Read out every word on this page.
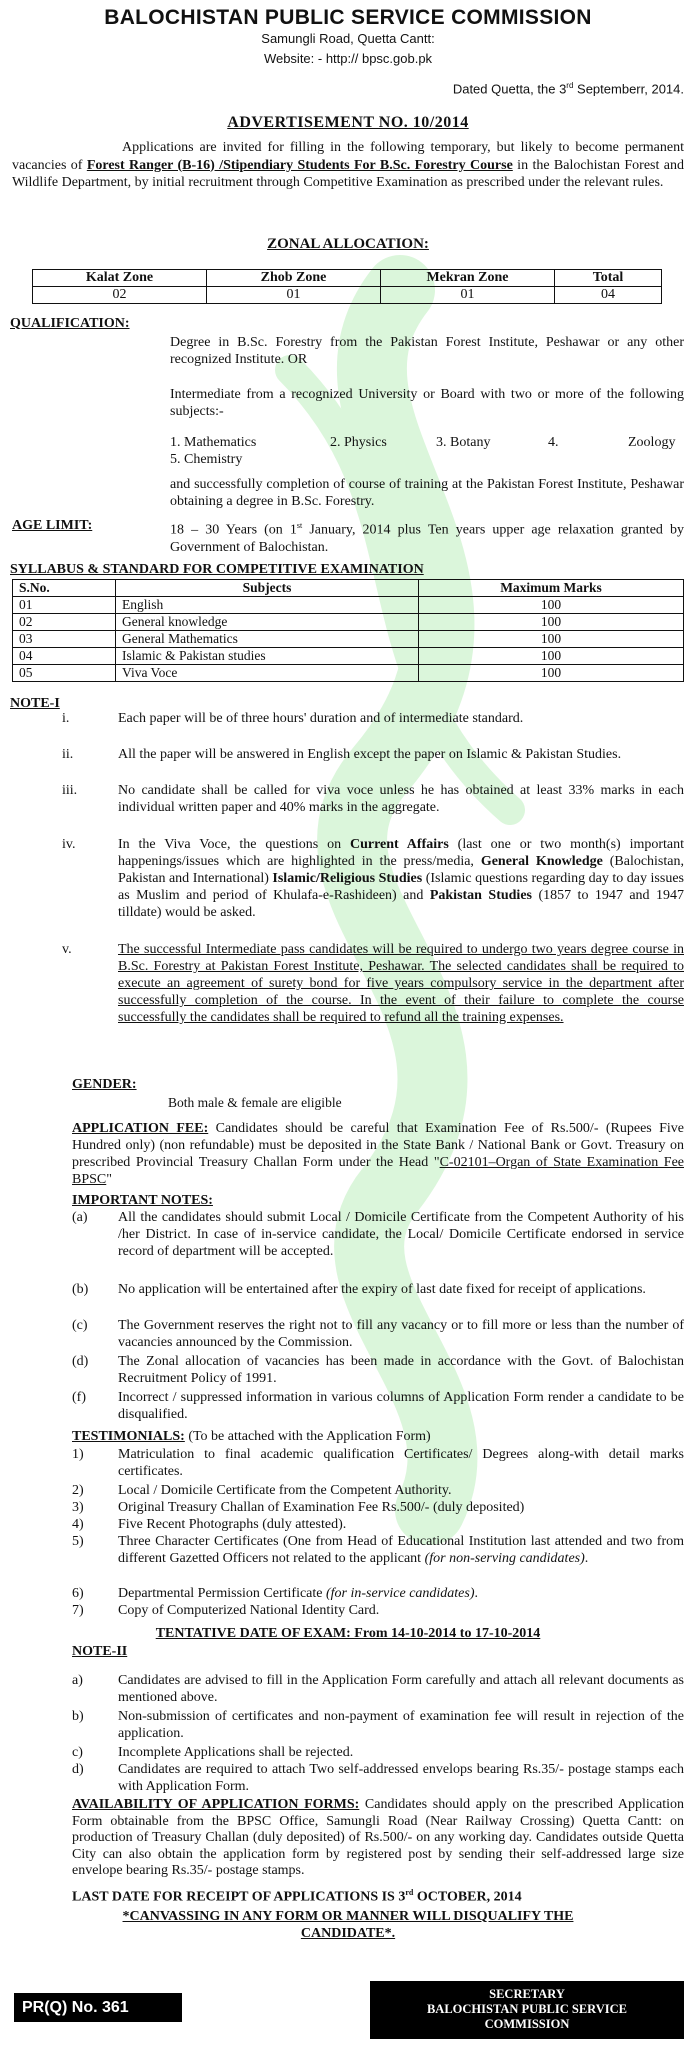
BALOCHISTAN PUBLIC SERVICE COMMISSION
Samungli Road, Quetta Cantt:
Website: - http:// bpsc.gob.pk
Dated Quetta, the 3rd Septemberr, 2014.
ADVERTISEMENT NO. 10/2014
Applications are invited for filling in the following temporary, but likely to become permanent vacancies of Forest Ranger (B-16) /Stipendiary Students For B.Sc. Forestry Course in the Balochistan Forest and Wildlife Department, by initial recruitment through Competitive Examination as prescribed under the relevant rules.
ZONAL ALLOCATION:
Kalat Zone	Zhob Zone	Mekran Zone	Total
02	01	01	04
QUALIFICATION:
Degree in B.Sc. Forestry from the Pakistan Forest Institute, Peshawar or any other recognized Institute. OR
Intermediate from a recognized University or Board with two or more of the following subjects:-
1. Mathematics	2. Physics	3. Botany	4.	Zoology
5. Chemistry
and successfully completion of course of training at the Pakistan Forest Institute, Peshawar obtaining a degree in B.Sc. Forestry.
AGE LIMIT:	18 – 30 Years (on 1st January, 2014 plus Ten years upper age relaxation granted by Government of Balochistan.
SYLLABUS & STANDARD FOR COMPETITIVE EXAMINATION
S.No.	Subjects	Maximum Marks
01	English	100
02	General knowledge	100
03	General Mathematics	100
04	Islamic & Pakistan studies	100
05	Viva Voce	100
NOTE-I
i.	Each paper will be of three hours' duration and of intermediate standard.
ii.	All the paper will be answered in English except the paper on Islamic & Pakistan Studies.
iii.	No candidate shall be called for viva voce unless he has obtained at least 33% marks in each individual written paper and 40% marks in the aggregate.
iv.	In the Viva Voce, the questions on Current Affairs (last one or two month(s) important happenings/issues which are highlighted in the press/media, General Knowledge (Balochistan, Pakistan and International) Islamic/Religious Studies (Islamic questions regarding day to day issues as Muslim and period of Khulafa-e-Rashideen) and Pakistan Studies (1857 to 1947 and 1947 tilldate) would be asked.
v.	The successful Intermediate pass candidates will be required to undergo two years degree course in B.Sc. Forestry at Pakistan Forest Institute, Peshawar. The selected candidates shall be required to execute an agreement of surety bond for five years compulsory service in the department after successfully completion of the course. In the event of their failure to complete the course successfully the candidates shall be required to refund all the training expenses.
GENDER:
Both male & female are eligible
APPLICATION FEE: Candidates should be careful that Examination Fee of Rs.500/- (Rupees Five Hundred only) (non refundable) must be deposited in the State Bank / National Bank or Govt. Treasury on prescribed Provincial Treasury Challan Form under the Head "C-02101–Organ of State Examination Fee BPSC"
IMPORTANT NOTES:
(a)	All the candidates should submit Local / Domicile Certificate from the Competent Authority of his /her District. In case of in-service candidate, the Local/ Domicile Certificate endorsed in service record of department will be accepted.
(b)	No application will be entertained after the expiry of last date fixed for receipt of applications.
(c)	The Government reserves the right not to fill any vacancy or to fill more or less than the number of vacancies announced by the Commission.
(d)	The Zonal allocation of vacancies has been made in accordance with the Govt. of Balochistan Recruitment Policy of 1991.
(f)	Incorrect / suppressed information in various columns of Application Form render a candidate to be disqualified.
TESTIMONIALS: (To be attached with the Application Form)
1)	Matriculation to final academic qualification Certificates/ Degrees along-with detail marks certificates.
2)	Local / Domicile Certificate from the Competent Authority.
3)	Original Treasury Challan of Examination Fee Rs.500/- (duly deposited)
4)	Five Recent Photographs (duly attested).
5)	Three Character Certificates (One from Head of Educational Institution last attended and two from different Gazetted Officers not related to the applicant (for non-serving candidates).
6)	Departmental Permission Certificate (for in-service candidates).
7)	Copy of Computerized National Identity Card.
TENTATIVE DATE OF EXAM: From 14-10-2014 to 17-10-2014
NOTE-II
a)	Candidates are advised to fill in the Application Form carefully and attach all relevant documents as mentioned above.
b)	Non-submission of certificates and non-payment of examination fee will result in rejection of the application.
c)	Incomplete Applications shall be rejected.
d)	Candidates are required to attach Two self-addressed envelops bearing Rs.35/- postage stamps each with Application Form.
AVAILABILITY OF APPLICATION FORMS: Candidates should apply on the prescribed Application Form obtainable from the BPSC Office, Samungli Road (Near Railway Crossing) Quetta Cantt: on production of Treasury Challan (duly deposited) of Rs.500/- on any working day. Candidates outside Quetta City can also obtain the application form by registered post by sending their self-addressed large size envelope bearing Rs.35/- postage stamps.
LAST DATE FOR RECEIPT OF APPLICATIONS IS 3rd OCTOBER, 2014
*CANVASSING IN ANY FORM OR MANNER WILL DISQUALIFY THE CANDIDATE*.
PR(Q) No. 361
SECRETARY
BALOCHISTAN PUBLIC SERVICE
COMMISSION
